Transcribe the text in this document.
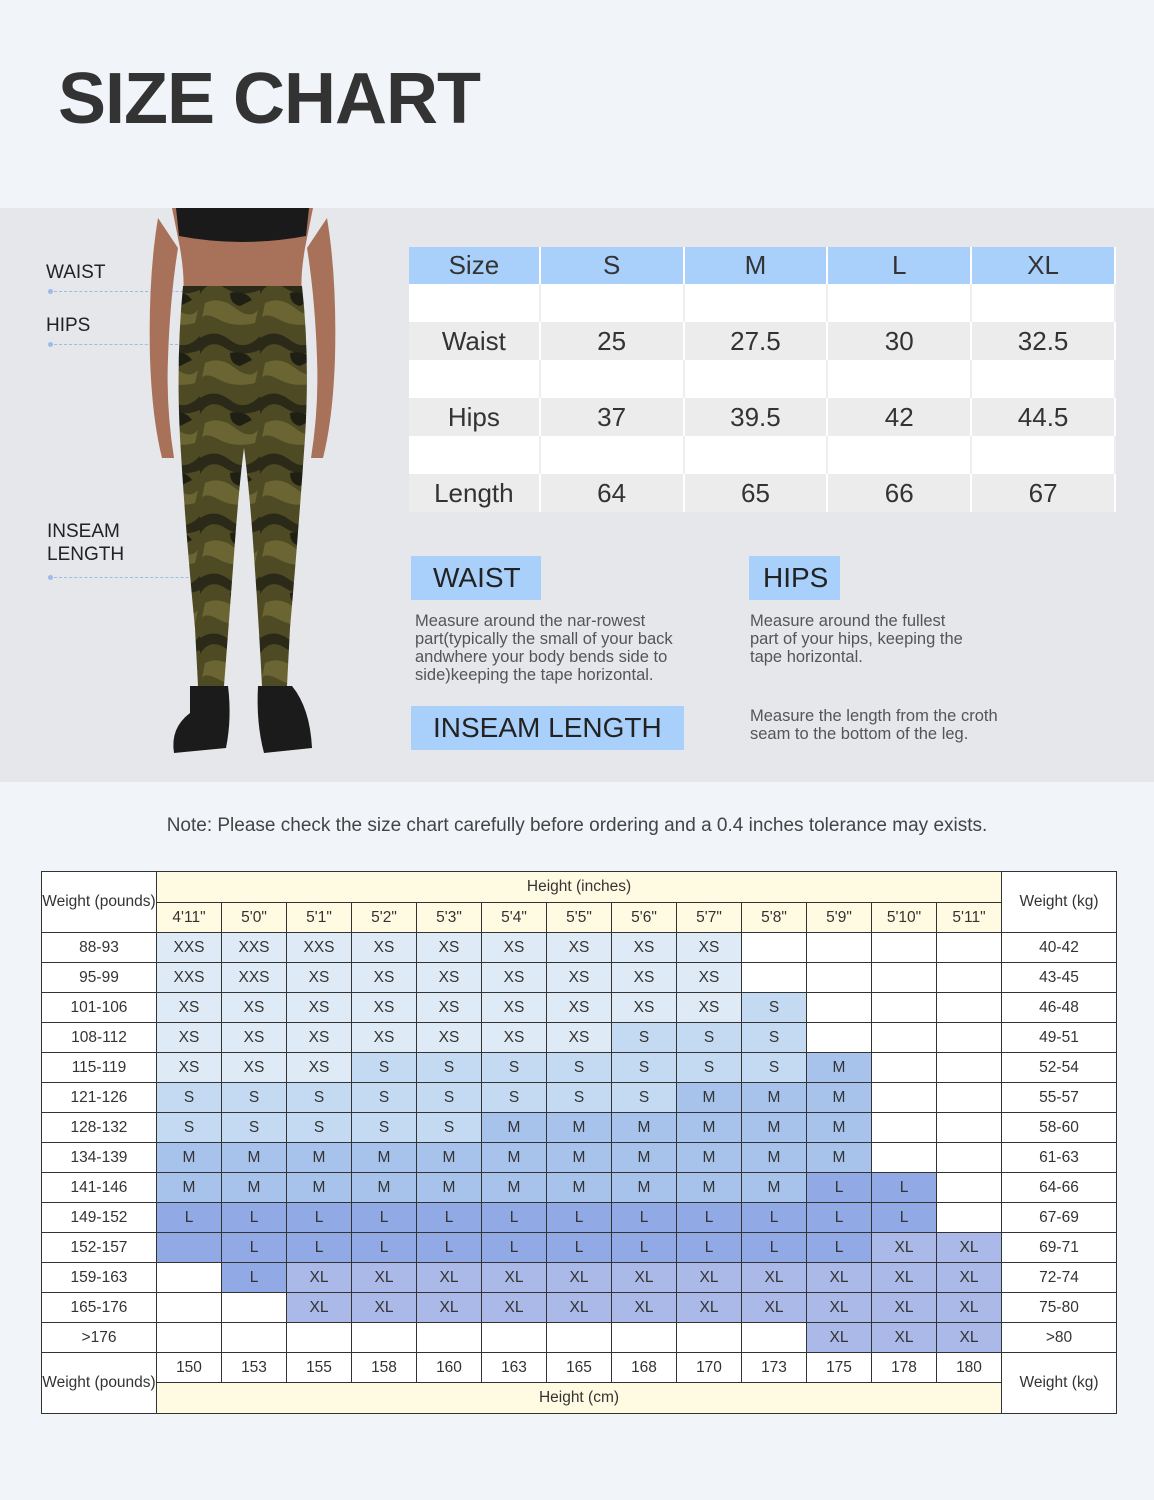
SIZE CHART
WAIST
HIPS
INSEAM
LENGTH
Size	S	M	L	XL

Waist	25	27.5	30	32.5

Hips	37	39.5	42	44.5

Length	64	65	66	67
WAIST
Measure around the nar-rowest part(typically the small of your back andwhere your body bends side to side)keeping the tape horizontal.
HIPS
Measure around the fullest part of your hips, keeping the tape horizontal.
INSEAM LENGTH	Measure the length from the croth seam to the bottom of the leg.
Note: Please check the size chart carefully before ordering and a 0.4 inches tolerance may exists.
Weight (pounds)	Height (inches)													Weight (kg)
	4'11"	5'0"	5'1"	5'2"	5'3"	5'4"	5'5"	5'6"	5'7"	5'8"	5'9"	5'10"	5'11"	
88-93	XXS	XXS	XXS	XS	XS	XS	XS	XS	XS					40-42
95-99	XXS	XXS	XS	XS	XS	XS	XS	XS	XS					43-45
101-106	XS	XS	XS	XS	XS	XS	XS	XS	XS	S				46-48
108-112	XS	XS	XS	XS	XS	XS	XS	S	S	S				49-51
115-119	XS	XS	XS	S	S	S	S	S	S	S	M			52-54
121-126	S	S	S	S	S	S	S	S	M	M	M			55-57
128-132	S	S	S	S	S	M	M	M	M	M	M			58-60
134-139	M	M	M	M	M	M	M	M	M	M	M			61-63
141-146	M	M	M	M	M	M	M	M	M	M	L	L		64-66
149-152	L	L	L	L	L	L	L	L	L	L	L	L		67-69
152-157		L	L	L	L	L	L	L	L	L	L	XL	XL	69-71
159-163		L	XL	XL	XL	XL	XL	XL	XL	XL	XL	XL	XL	72-74
165-176			XL	XL	XL	XL	XL	XL	XL	XL	XL	XL	XL	75-80
>176											XL	XL	XL	>80
Weight (pounds)	150	153	155	158	160	163	165	168	170	173	175	178	180	Weight (kg)
	Height (cm)													
